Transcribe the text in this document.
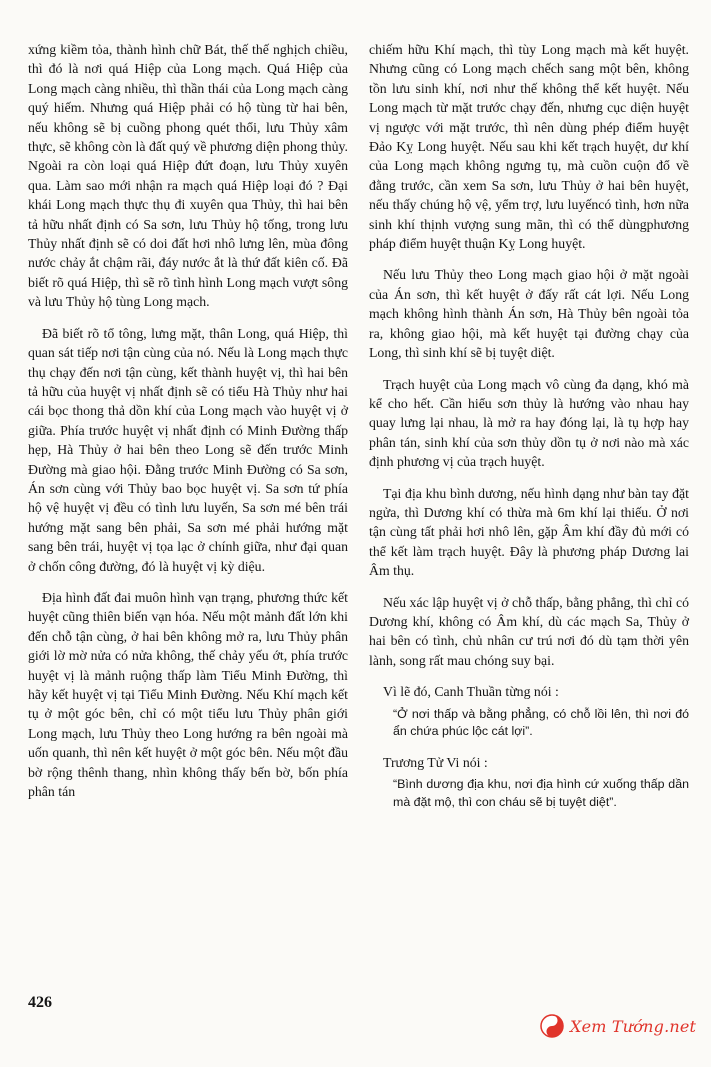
xứng kiềm tỏa, thành hình chữ Bát, thế thế nghịch chiều, thì đó là nơi quá Hiệp của Long mạch. Quá Hiệp của Long mạch càng nhiều, thì thần thái của Long mạch càng quý hiếm. Nhưng quá Hiệp phải có hộ tùng từ hai bên, nếu không sẽ bị cuồng phong quét thổi, lưu Thủy xâm thực, sẽ không còn là đất quý về phương diện phong thủy. Ngoài ra còn loại quá Hiệp đứt đoạn, lưu Thủy xuyên qua. Làm sao mới nhận ra mạch quá Hiệp loại đó ? Đại khái Long mạch thực thụ đi xuyên qua Thủy, thì hai bên tả hữu nhất định có Sa sơn, lưu Thủy hộ tống, trong lưu Thủy nhất định sẽ có doi đất hơi nhô lưng lên, mùa đông nước chảy ắt chậm rãi, đáy nước ắt là thứ đất kiên cố. Đã biết rõ quá Hiệp, thì sẽ rõ tình hình Long mạch vượt sông và lưu Thủy hộ tùng Long mạch.

Đã biết rõ tổ tông, lưng mặt, thân Long, quá Hiệp, thì quan sát tiếp nơi tận cùng của nó. Nếu là Long mạch thực thụ chạy đến nơi tận cùng, kết thành huyệt vị, thì hai bên tả hữu của huyệt vị nhất định sẽ có tiểu Hà Thủy như hai cái bọc thong thả dồn khí của Long mạch vào huyệt vị ở giữa. Phía trước huyệt vị nhất định có Minh Đường thấp hẹp, Hà Thủy ở hai bên theo Long sẽ đến trước Minh Đường mà giao hội. Đằng trước Minh Đường có Sa sơn, Án sơn cùng với Thủy bao bọc huyệt vị. Sa sơn tứ phía hộ vệ huyệt vị đều có tình lưu luyến, Sa sơn mé bên trái hướng mặt sang bên phải, Sa sơn mé phải hướng mặt sang bên trái, huyệt vị tọa lạc ở chính giữa, như đại quan ở chốn công đường, đó là huyệt vị kỳ diệu.

Địa hình đất đai muôn hình vạn trạng, phương thức kết huyệt cũng thiên biến vạn hóa. Nếu một mảnh đất lớn khi đến chỗ tận cùng, ở hai bên không mở ra, lưu Thủy phân giới lờ mờ nửa có nửa không, thế chảy yếu ớt, phía trước huyệt vị là mảnh ruộng thấp làm Tiểu Minh Đường, thì hãy kết huyệt vị tại Tiểu Minh Đường. Nếu Khí mạch kết tụ ở một góc bên, chỉ có một tiểu lưu Thủy phân giới Long mạch, lưu Thủy theo Long hướng ra bên ngoài mà uốn quanh, thì nên kết huyệt ở một góc bên. Nếu một đầu bờ rộng thênh thang, nhìn không thấy bến bờ, bốn phía phân tán

chiếm hữu Khí mạch, thì tùy Long mạch mà kết huyệt. Nhưng cũng có Long mạch chếch sang một bên, không tồn lưu sinh khí, nơi như thế không thể kết huyệt. Nếu Long mạch từ mặt trước chạy đến, nhưng cục diện huyệt vị ngược với mặt trước, thì nên dùng phép điểm huyệt Đảo Kỵ Long huyệt. Nếu sau khi kết trạch huyệt, dư khí của Long mạch không ngưng tụ, mà cuồn cuộn đổ về đằng trước, cần xem Sa sơn, lưu Thủy ở hai bên huyệt, nếu thấy chúng hộ vệ, yểm trợ, lưu luyếncó tình, hơn nữa sinh khí thịnh vượng sung mãn, thì có thể dùngphương pháp điểm huyệt thuận Kỵ Long huyệt.

Nếu lưu Thủy theo Long mạch giao hội ở mặt ngoài của Án sơn, thì kết huyệt ở đấy rất cát lợi. Nếu Long mạch không hình thành Án sơn, Hà Thủy bên ngoài tỏa ra, không giao hội, mà kết huyệt tại đường chạy của Long, thì sinh khí sẽ bị tuyệt diệt.

Trạch huyệt của Long mạch vô cùng đa dạng, khó mà kể cho hết. Cần hiểu sơn thủy là hướng vào nhau hay quay lưng lại nhau, là mở ra hay đóng lại, là tụ hợp hay phân tán, sinh khí của sơn thủy dồn tụ ở nơi nào mà xác định phương vị của trạch huyệt.

Tại địa khu bình dương, nếu hình dạng như bàn tay đặt ngửa, thì Dương khí có thừa mà 6m khí lại thiếu. Ở nơi tận cùng tất phải hơi nhô lên, gặp Âm khí đầy đủ mới có thể kết làm trạch huyệt. Đây là phương pháp Dương lai Âm thụ.

Nếu xác lập huyệt vị ở chỗ thấp, bằng phẳng, thì chỉ có Dương khí, không có Âm khí, dù các mạch Sa, Thủy ở hai bên có tình, chủ nhân cư trú nơi đó dù tạm thời yên lành, song rất mau chóng suy bại.

Vì lẽ đó, Canh Thuần từng nói :

“Ở nơi thấp và bằng phẳng, có chỗ lồi lên, thì nơi đó ẩn chứa phúc lộc cát lợi”.

Trương Tử Vi nói :

“Bình dương địa khu, nơi địa hình cứ xuống thấp dần mà đặt mộ, thì con cháu sẽ bị tuyệt diệt”.

426
Xem Tướng.net
